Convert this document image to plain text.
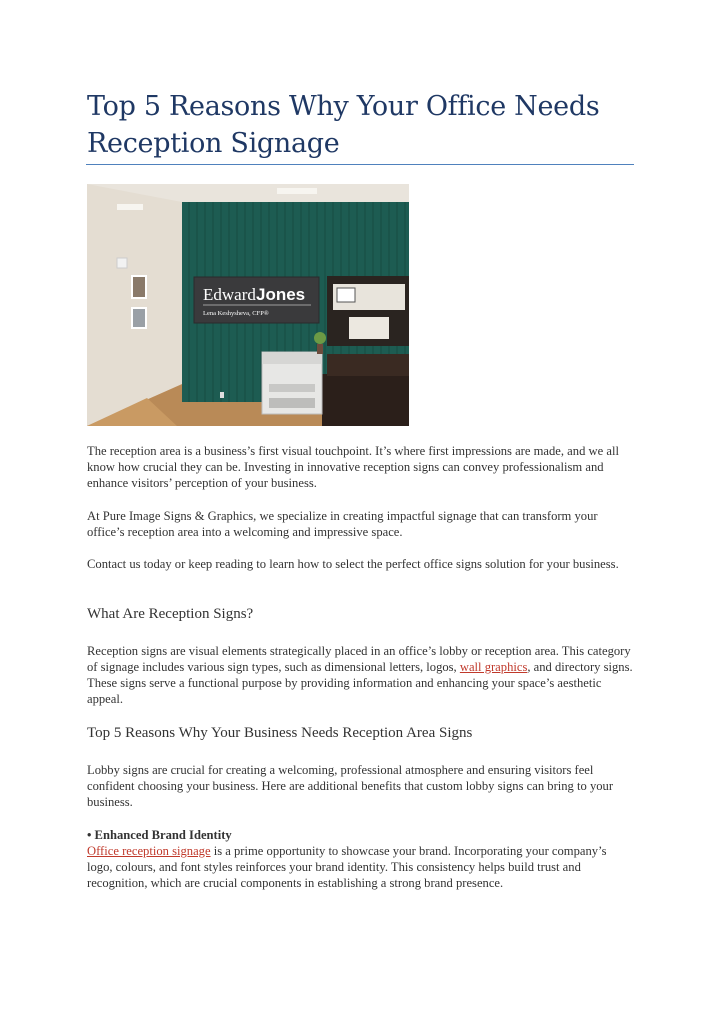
Top 5 Reasons Why Your Office Needs Reception Signage
Edward Jones
Lena Keshysheva, CFP®

The reception area is a business’s first visual touchpoint. It’s where first impressions are made, and we all know how crucial they can be. Investing in innovative reception signs can convey professionalism and enhance visitors’ perception of your business.

At Pure Image Signs & Graphics, we specialize in creating impactful signage that can transform your office’s reception area into a welcoming and impressive space.

Contact us today or keep reading to learn how to select the perfect office signs solution for your business.

What Are Reception Signs?

Reception signs are visual elements strategically placed in an office’s lobby or reception area. This category of signage includes various sign types, such as dimensional letters, logos, wall graphics, and directory signs. These signs serve a functional purpose by providing information and enhancing your space’s aesthetic appeal.

Top 5 Reasons Why Your Business Needs Reception Area Signs

Lobby signs are crucial for creating a welcoming, professional atmosphere and ensuring visitors feel confident choosing your business. Here are additional benefits that custom lobby signs can bring to your business.

• Enhanced Brand Identity

Office reception signage is a prime opportunity to showcase your brand. Incorporating your company’s logo, colours, and font styles reinforces your brand identity. This consistency helps build trust and recognition, which are crucial components in establishing a strong brand presence.
